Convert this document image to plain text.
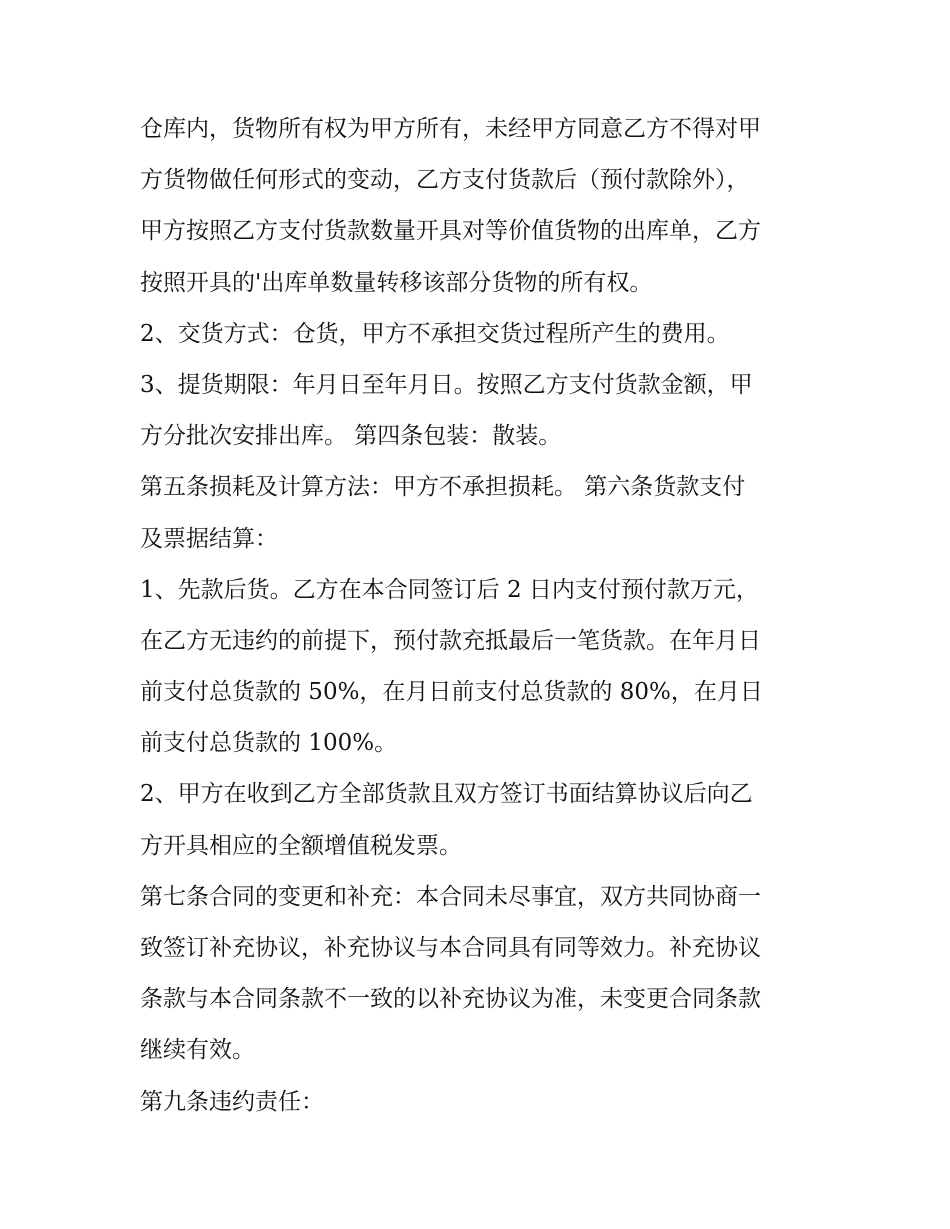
仓库内，货物所有权为甲方所有，未经甲方同意乙方不得对甲
方货物做任何形式的变动，乙方支付货款后（预付款除外），
甲方按照乙方支付货款数量开具对等价值货物的出库单，乙方
按照开具的'出库单数量转移该部分货物的所有权。
2、交货方式：仓货，甲方不承担交货过程所产生的费用。
3、提货期限：年月日至年月日。按照乙方支付货款金额，甲
方分批次安排出库。 第四条包装：散装。
第五条损耗及计算方法：甲方不承担损耗。 第六条货款支付
及票据结算：
1、先款后货。乙方在本合同签订后 2 日内支付预付款万元，
在乙方无违约的前提下，预付款充抵最后一笔货款。在年月日
前支付总货款的 50%，在月日前支付总货款的 80%，在月日
前支付总货款的 100%。
2、甲方在收到乙方全部货款且双方签订书面结算协议后向乙
方开具相应的全额增值税发票。
第七条合同的变更和补充：本合同未尽事宜，双方共同协商一
致签订补充协议，补充协议与本合同具有同等效力。补充协议
条款与本合同条款不一致的以补充协议为准，未变更合同条款
继续有效。
第九条违约责任：
